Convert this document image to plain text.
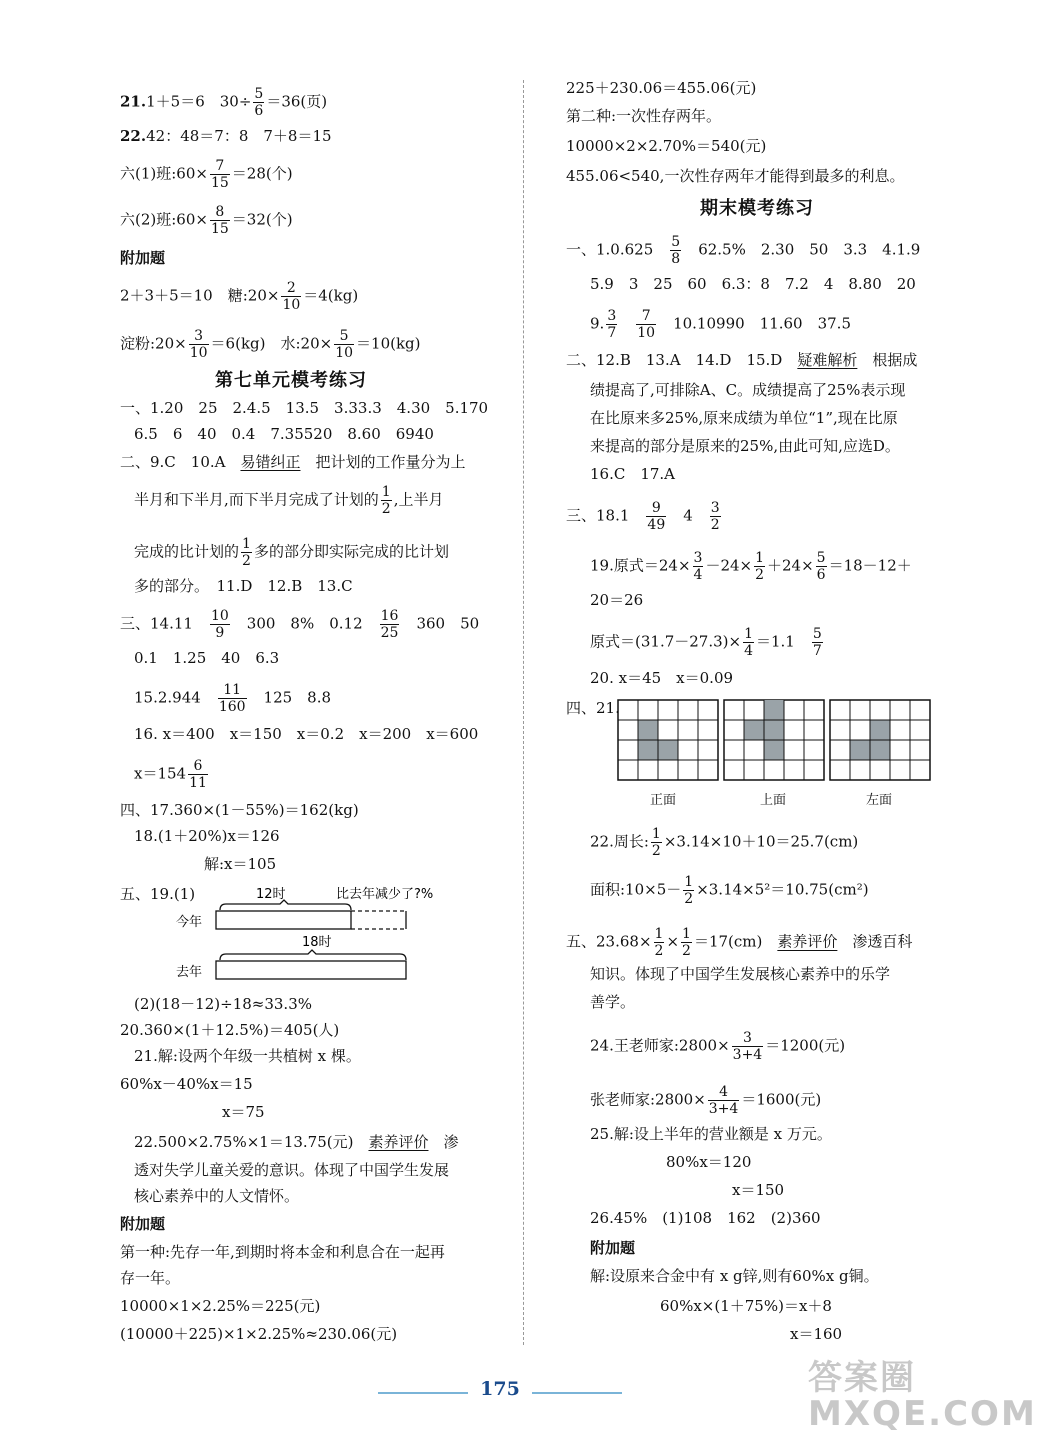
21.1＋5＝6　$30\div \frac{5}{6} =36$(页)
22.42：48＝7：8　7＋8＝15
六(1)班:60× $\frac{7}{15} =28$(个)
六(2)班:60× $\frac{8}{15} =32$(个)
附加题
2＋3＋5＝10　糖:20× $\frac{2}{10} =4(kg)$
淀粉:20× $\frac{3}{10} =6(kg)$　水:20× $\frac{5}{10} =10(kg)$
第七单元模考练习
一、1.20　25　2.4.5　13.5　3.33.3　4.30　5.170
6.5　6　40　0.4　7.35520　8.60　6940
二、9.C　10.A　易错纠正　把计划的工作量分为上
半月和下半月,而下半月完成了计划的 $\frac{1}{2}$ ,上半月
完成的比计划的 $\frac{1}{2}$ 多的部分即实际完成的比计划
多的部分。　11.D　12.B　13.C
三、14.11　 $\frac{10}{9}$ 　300　8%　0.12　 $\frac{16}{25}$ 　360　50
0.1　1.25　40　6.3
15.2.944　 $\frac{11}{160}$ 　125　8.8
16. x＝400　x＝150　x＝0.2　x＝200　x＝600
$x=154 \frac{6}{11}$
四、17.360×(1－55%)＝162(kg)
18.(1＋20%)x＝126
解:x＝105
五、19.(1)	12时	比去年减少了?%
今年
18时
去年
(2)(18－12)÷18≈33.3%
20.360×(1＋12.5%)＝405(人)
21.解:设两个年级一共植树 x 棵。
60%x－40%x＝15
x＝75
22.500×2.75%×1＝13.75(元)　素养评价　渗
透对失学儿童关爱的意识。体现了中国学生发展
核心素养中的人文情怀。
附加题
第一种:先存一年,到期时将本金和利息合在一起再
存一年。
10000×1×2.25%＝225(元)
(10000＋225)×1×2.25%≈230.06(元)
225＋230.06＝455.06(元)
第二种:一次性存两年。
10000×2×2.70%＝540(元)
455.06<540,一次性存两年才能得到最多的利息。
期末模考练习
一、1.0.625　 $\frac{5}{8}$ 　62.5%　2.30　50　3.3　4.1.9
5.9　3　25　60　6.3：8　7.2　4　8.80　20
9. $\frac{3}{7}$
　 $\frac{7}{10}$ 　10.10990　11.60　37.5
二、12.B　13.A　14.D　15.D　疑难解析　根据成
绩提高了,可排除A、C。成绩提高了25%表示现
在比原来多25%,原来成绩为单位“1”,现在比原
来提高的部分是原来的25%,由此可知,应选D。
16.C　17.A
三、18.1　 $\frac{9}{49}$ 　4　 $\frac{3}{2}$
19.原式$=24\times \frac{3}{4} -24\times \frac{1}{2} +24\times \frac{5}{6} =18-12+$
20＝26
原式$=(31.7-27.3)\times \frac{1}{4} =1.1$　 $\frac{5}{7}$
20. x＝45　x＝0.09
四、21.
正面	上面	左面
22.周长: $\frac{1}{2} \times 3.14\times 10+10=25.7(cm)$
面积:10×5－ $\frac{1}{2} \times 3.14\times 5^2=10.75(cm^2)$
五、$23.68\times \frac{1}{2} \times \frac{1}{2} =17(cm)$　素养评价　渗透百科
知识。体现了中国学生发展核心素养中的乐学
善学。
24.王老师家:2800× $\frac{3}{3+4} =1200$(元)
张老师家:2800× $\frac{4}{3+4} =1600$(元)
25.解:设上半年的营业额是 x 万元。
80%x＝120
x＝150
26.45%　(1)108　162　(2)360
附加题
解:设原来合金中有 x g锌,则有60%x g铜。
60%x×(1＋75%)＝x＋8
x＝160
175	答案圈 MXQE.COM
